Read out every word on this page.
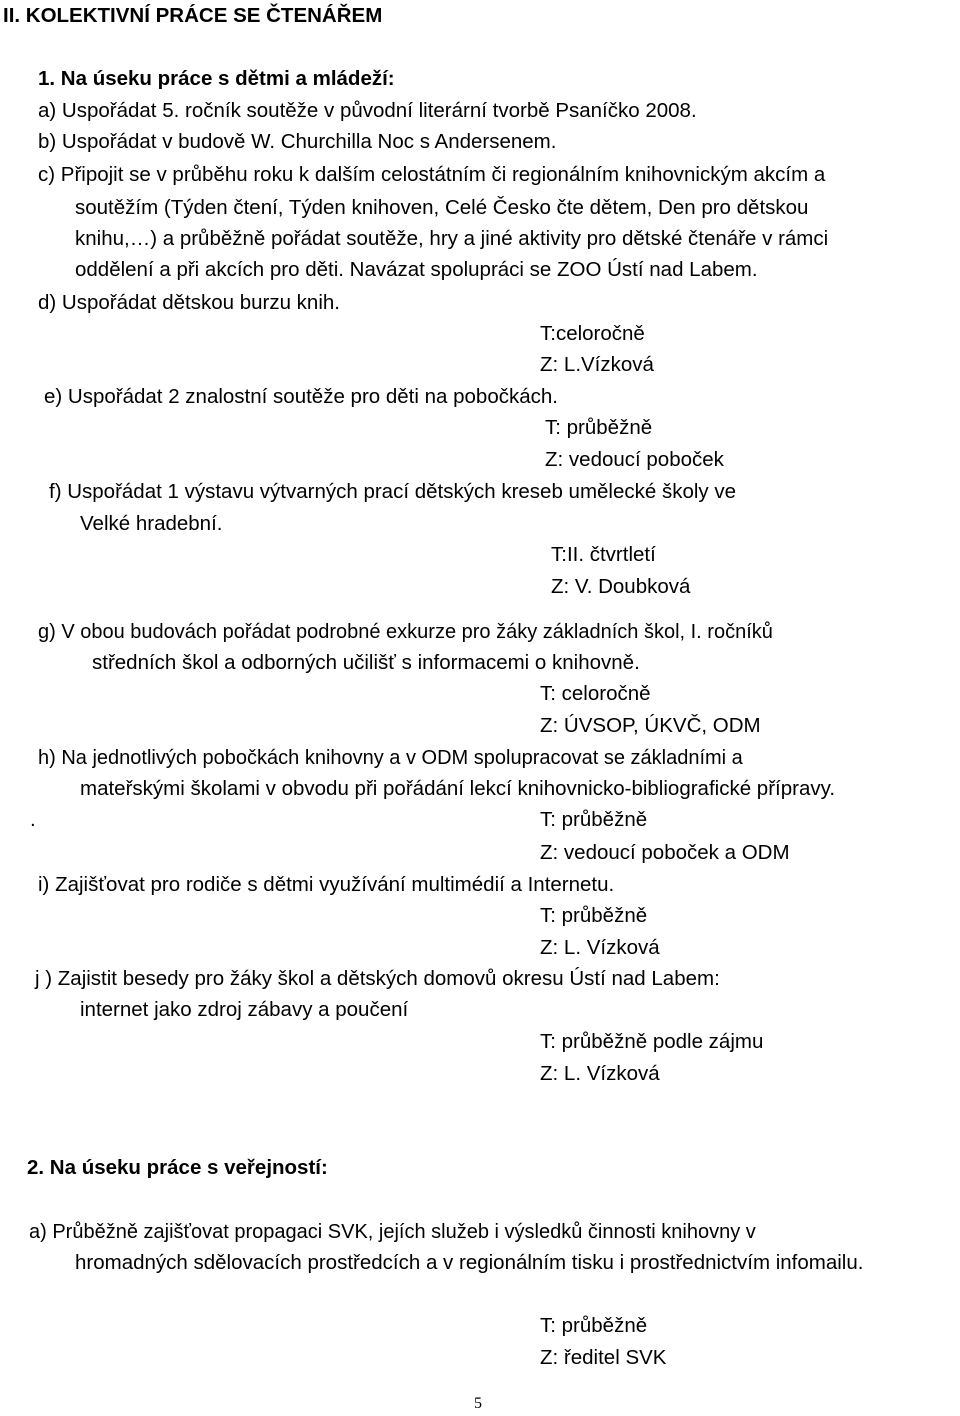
II. KOLEKTIVNÍ PRÁCE SE ČTENÁŘEM
1. Na úseku práce s dětmi a mládeží:
a) Uspořádat 5. ročník soutěže v původní literární tvorbě Psaníčko 2008.
b) Uspořádat v budově W. Churchilla Noc s Andersenem.
c) Připojit se v průběhu roku k dalším celostátním či regionálním knihovnickým akcím a
soutěžím (Týden čtení, Týden knihoven, Celé Česko čte dětem, Den pro dětskou
knihu,…) a průběžně pořádat soutěže, hry a jiné aktivity pro dětské čtenáře v rámci
oddělení a při akcích pro děti. Navázat spolupráci se ZOO Ústí nad Labem.
d) Uspořádat dětskou burzu knih.
T:celoročně
Z: L.Vízková
e) Uspořádat 2 znalostní soutěže pro děti na pobočkách.
T: průběžně
Z: vedoucí poboček
f) Uspořádat 1 výstavu výtvarných prací dětských kreseb umělecké školy ve
Velké hradební.
T:II. čtvrtletí
Z: V. Doubková
g) V obou budovách pořádat podrobné exkurze pro žáky základních škol, I. ročníků
středních škol a odborných učilišť s informacemi o knihovně.
T: celoročně
Z: ÚVSOP, ÚKVČ, ODM
h) Na jednotlivých pobočkách knihovny a v ODM spolupracovat se základními a
mateřskými školami v obvodu při pořádání lekcí knihovnicko-bibliografické přípravy.
.	T: průběžně
Z: vedoucí poboček a ODM
i) Zajišťovat pro rodiče s dětmi využívání multimédií a Internetu.
T: průběžně
Z: L. Vízková
j ) Zajistit besedy pro žáky škol a dětských domovů okresu Ústí nad Labem:
internet jako zdroj zábavy a poučení
T: průběžně podle zájmu
Z: L. Vízková
2. Na úseku práce s veřejností:
a) Průběžně zajišťovat propagaci SVK, jejích služeb i výsledků činnosti knihovny v
hromadných sdělovacích prostředcích a v regionálním tisku i prostřednictvím infomailu.
T: průběžně
Z: ředitel SVK
5
